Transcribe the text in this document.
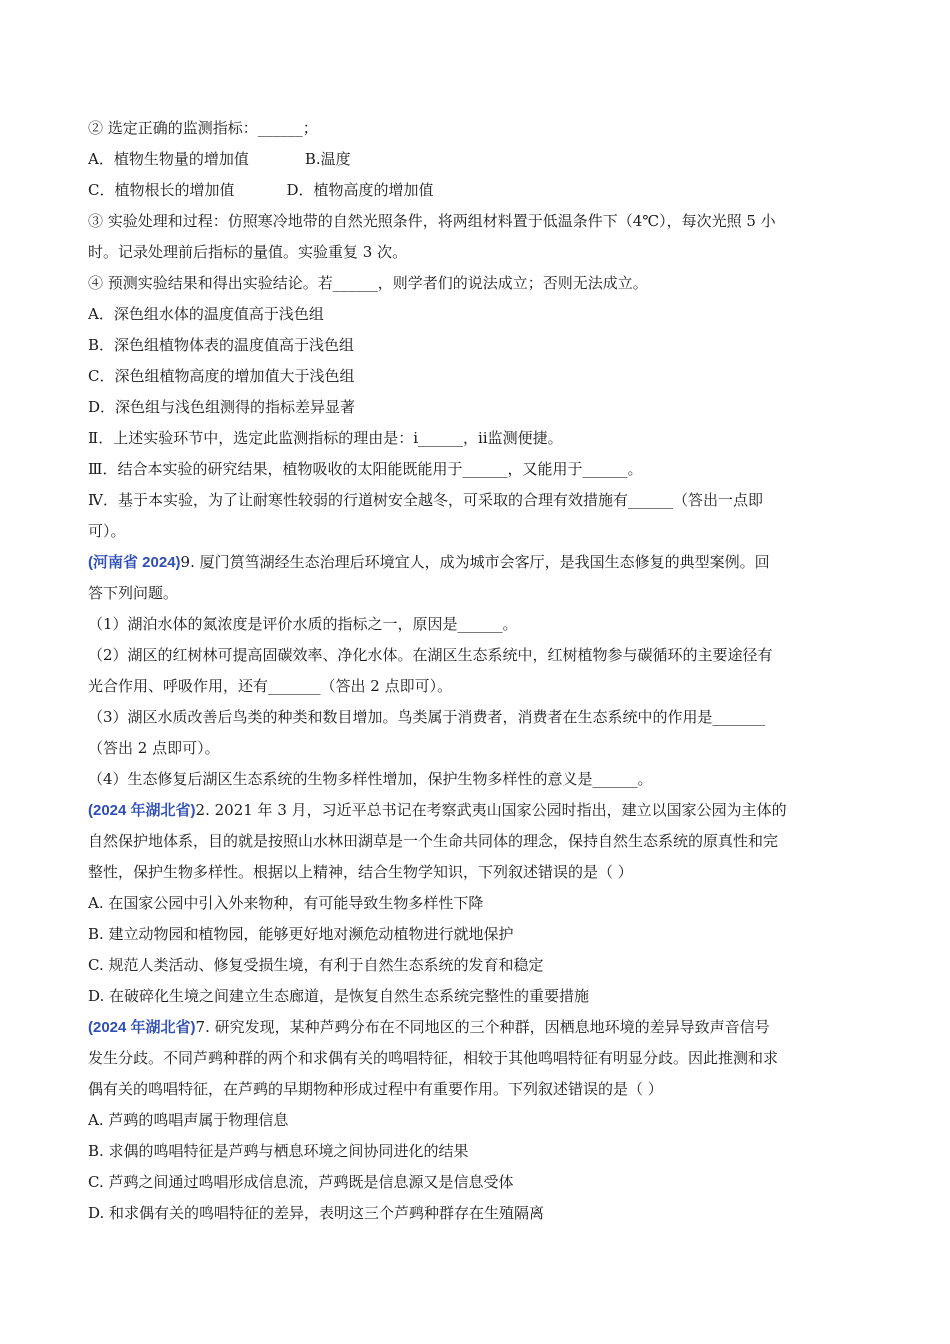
② 选定正确的监测指标：______；
A．植物生物量的增加值	B.温度
C．植物根长的增加值	D．植物高度的增加值
③ 实验处理和过程：仿照寒冷地带的自然光照条件，将两组材料置于低温条件下（4℃），每次光照 5 小
时。记录处理前后指标的量值。实验重复 3 次。
④ 预测实验结果和得出实验结论。若______，则学者们的说法成立；否则无法成立。
A．深色组水体的温度值高于浅色组
B．深色组植物体表的温度值高于浅色组
C．深色组植物高度的增加值大于浅色组
D．深色组与浅色组测得的指标差异显著
Ⅱ．上述实验环节中，选定此监测指标的理由是：ⅰ______，ⅱ监测便捷。
Ⅲ．结合本实验的研究结果，植物吸收的太阳能既能用于______，又能用于______。
Ⅳ．基于本实验，为了让耐寒性较弱的行道树安全越冬，可采取的合理有效措施有______（答出一点即
可）。
(河南省 2024)9. 厦门筼筜湖经生态治理后环境宜人，成为城市会客厅，是我国生态修复的典型案例。回
答下列问题。
（1）湖泊水体的氮浓度是评价水质的指标之一，原因是______。
（2）湖区的红树林可提高固碳效率、净化水体。在湖区生态系统中，红树植物参与碳循环的主要途径有
光合作用、呼吸作用，还有_______（答出 2 点即可）。
（3）湖区水质改善后鸟类的种类和数目增加。鸟类属于消费者，消费者在生态系统中的作用是_______
（答出 2 点即可）。
（4）生态修复后湖区生态系统的生物多样性增加，保护生物多样性的意义是______。
(2024 年湖北省)2. 2021 年 3 月，习近平总书记在考察武夷山国家公园时指出，建立以国家公园为主体的
自然保护地体系，目的就是按照山水林田湖草是一个生命共同体的理念，保持自然生态系统的原真性和完
整性，保护生物多样性。根据以上精神，结合生物学知识，下列叙述错误的是（ ）
A. 在国家公园中引入外来物种，有可能导致生物多样性下降
B. 建立动物园和植物园，能够更好地对濒危动植物进行就地保护
C. 规范人类活动、修复受损生境，有利于自然生态系统的发育和稳定
D. 在破碎化生境之间建立生态廊道，是恢复自然生态系统完整性的重要措施
(2024 年湖北省)7. 研究发现，某种芦鹀分布在不同地区的三个种群，因栖息地环境的差异导致声音信号
发生分歧。不同芦鹀种群的两个和求偶有关的鸣唱特征，相较于其他鸣唱特征有明显分歧。因此推测和求
偶有关的鸣唱特征，在芦鹀的早期物种形成过程中有重要作用。下列叙述错误的是（ ）
A. 芦鹀的鸣唱声属于物理信息
B. 求偶的鸣唱特征是芦鹀与栖息环境之间协同进化的结果
C. 芦鹀之间通过鸣唱形成信息流，芦鹀既是信息源又是信息受体
D. 和求偶有关的鸣唱特征的差异，表明这三个芦鹀种群存在生殖隔离
